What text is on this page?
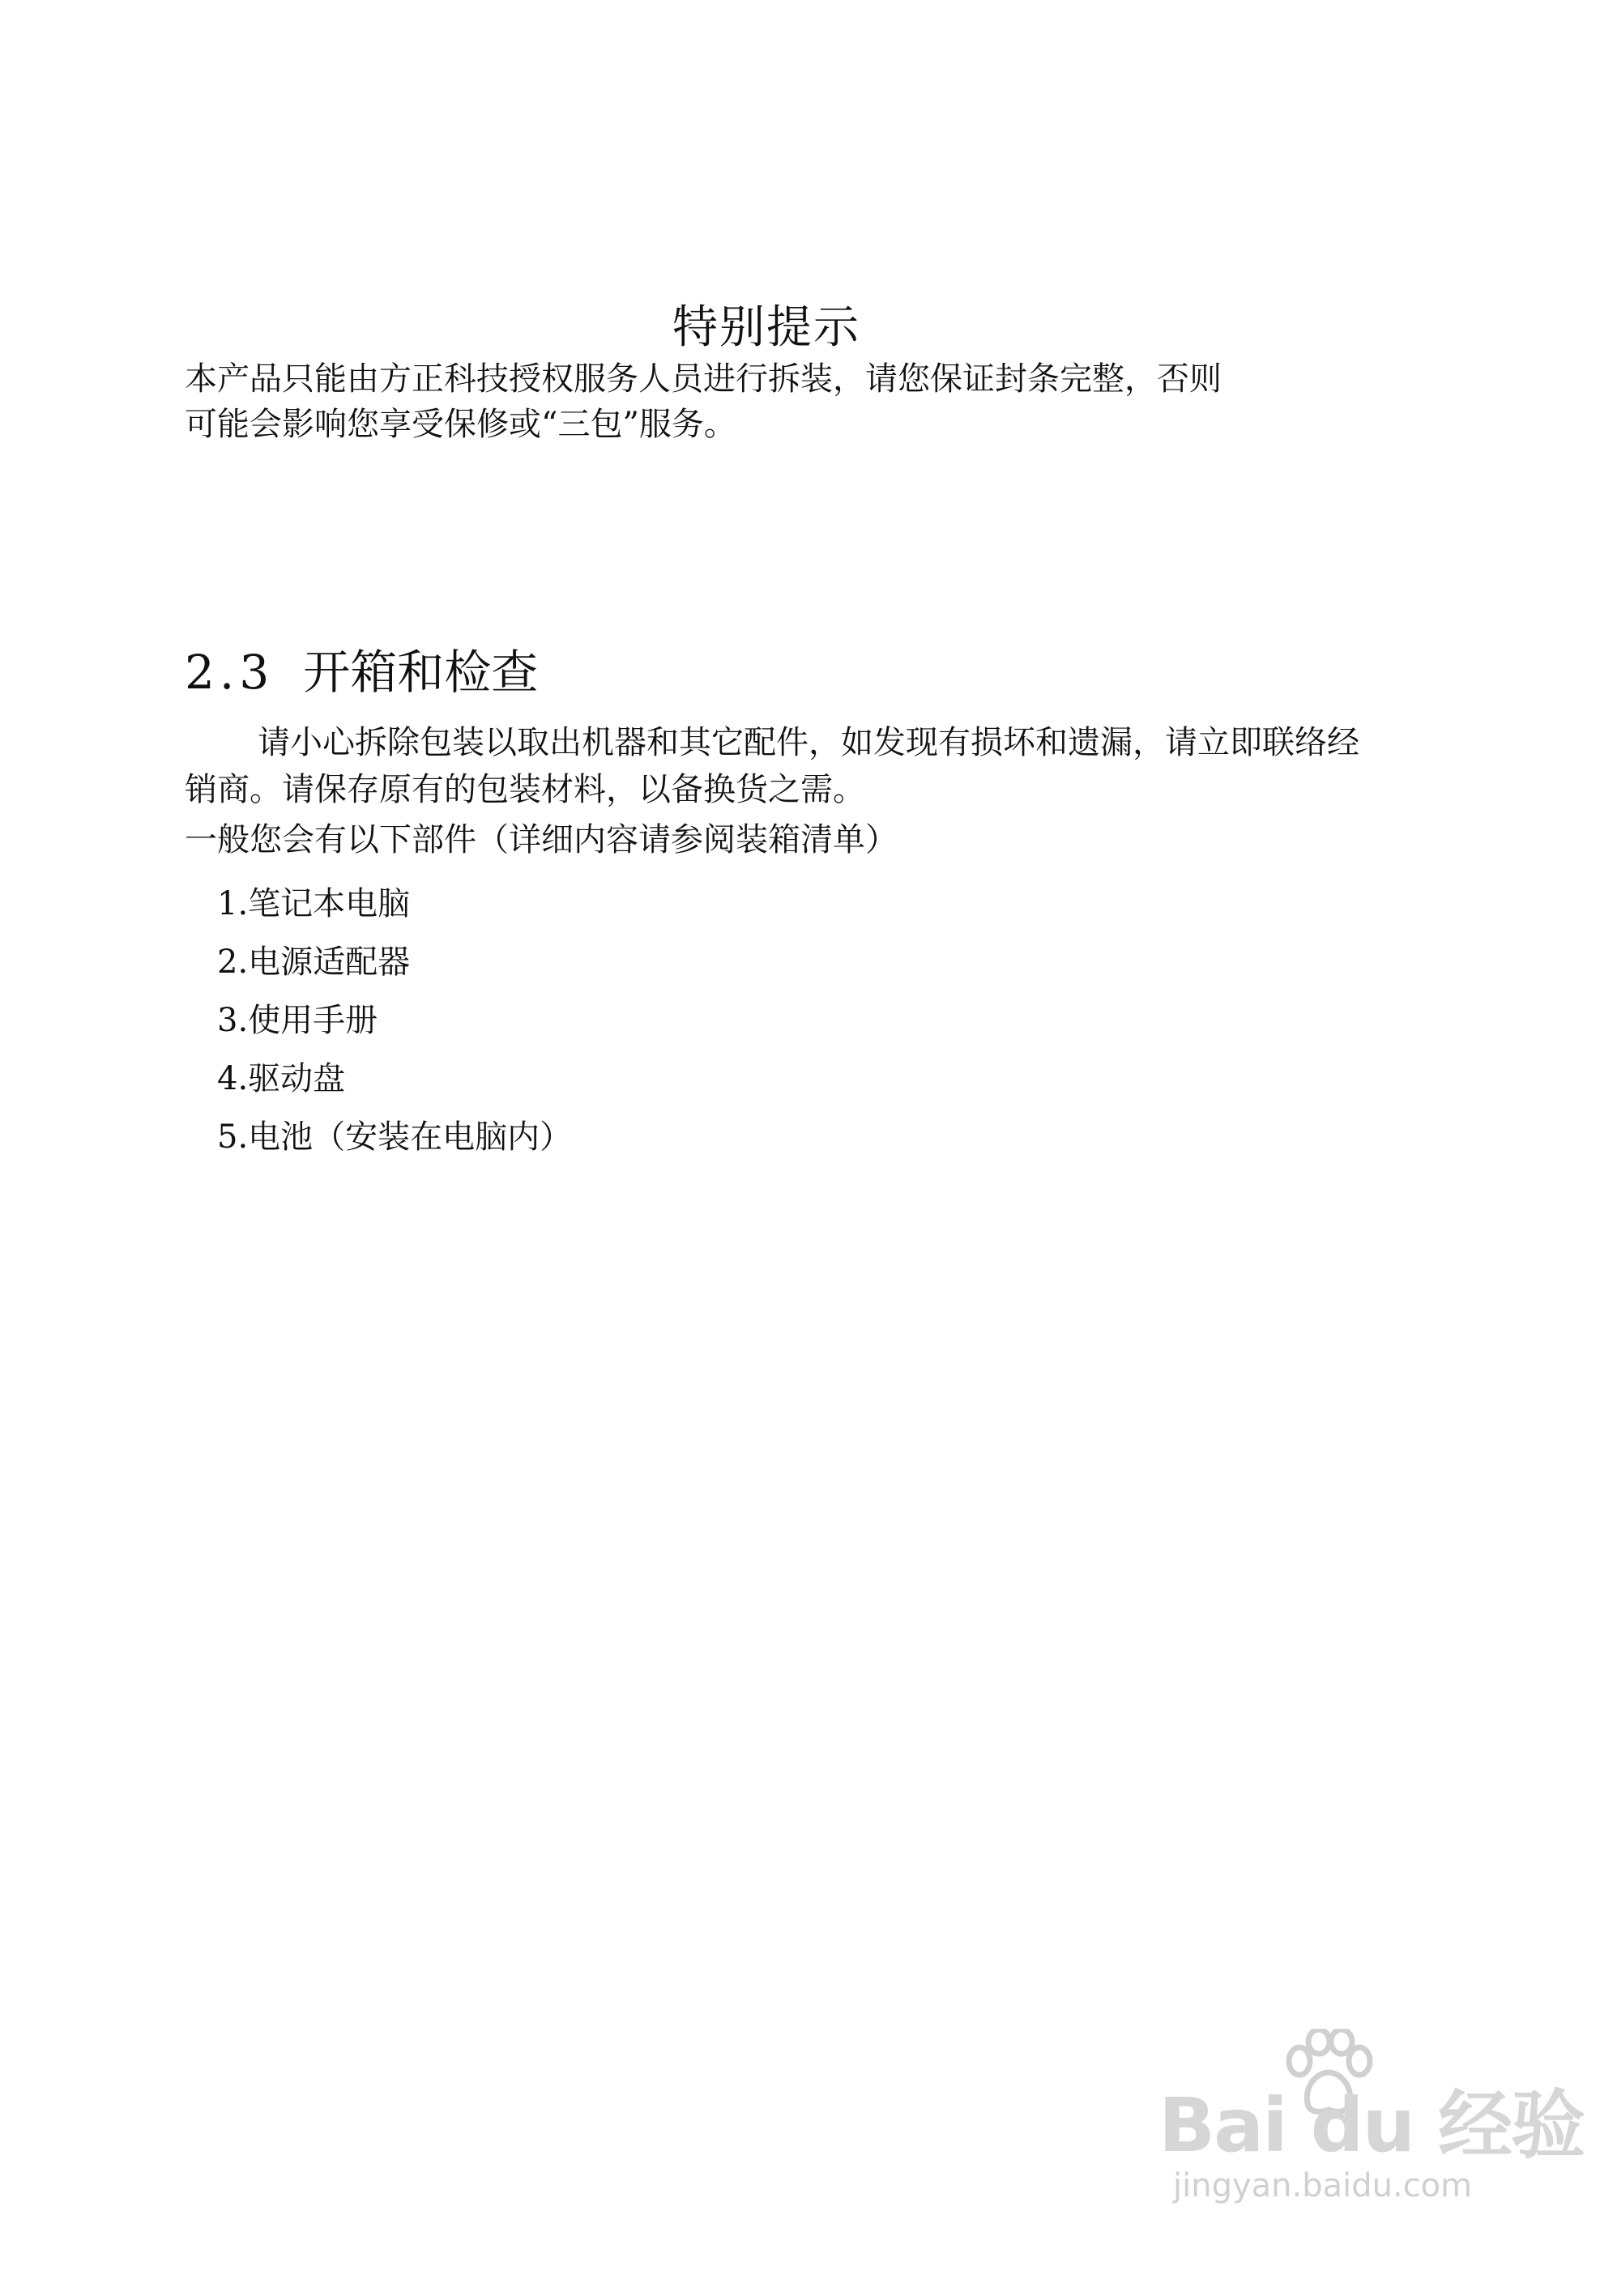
特别提示
本产品只能由方正科技授权服务人员进行拆装，请您保证封条完整，否则
可能会影响您享受保修或“三包”服务。
2.3 开箱和检查
请小心拆除包装以取出机器和其它配件，如发现有损坏和遗漏，请立即联络经
销商。请保存原有的包装材料，以备换货之需。
一般您会有以下部件（详细内容请参阅装箱清单）
1.笔记本电脑
2.电源适配器
3.使用手册
4.驱动盘
5.电池（安装在电脑内）
Bai du 经验
jingyan.baidu.com
